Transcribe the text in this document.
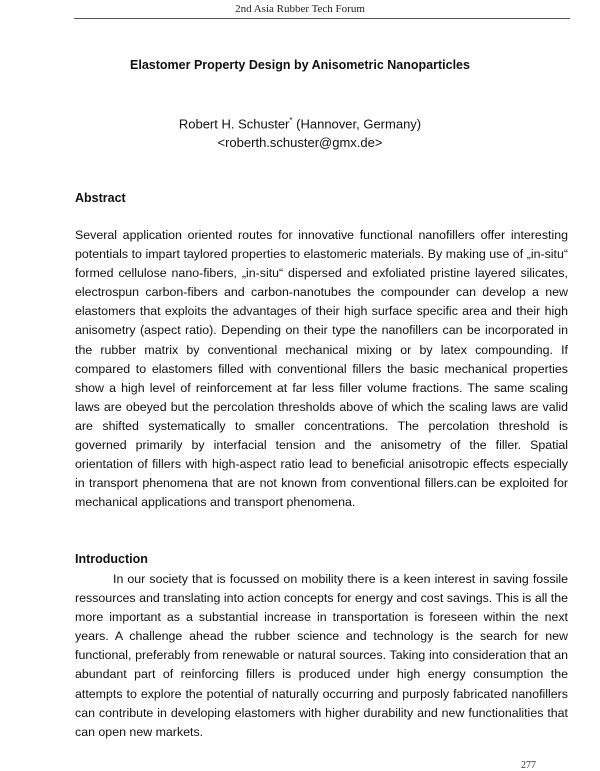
2nd Asia Rubber Tech Forum
Elastomer Property Design by Anisometric Nanoparticles
Robert H. Schuster* (Hannover, Germany)
<roberth.schuster@gmx.de>
Abstract
Several application oriented routes for innovative functional nanofillers offer interesting potentials to impart taylored properties to elastomeric materials. By making use of „in-situ“ formed cellulose nano-fibers, „in-situ“ dispersed and exfoliated pristine layered silicates, electrospun carbon-fibers and carbon-nanotubes the compounder can develop a new elastomers that exploits the advantages of their high surface specific area and their high anisometry (aspect ratio). Depending on their type the nanofillers can be incorporated in the rubber matrix by conventional mechanical mixing or by latex compounding. If compared to elastomers filled with conventional fillers the basic mechanical properties show a high level of reinforcement at far less filler volume fractions. The same scaling laws are obeyed but the percolation thresholds above of which the scaling laws are valid are shifted systematically to smaller concentrations. The percolation threshold is governed primarily by interfacial tension and the anisometry of the filler. Spatial orientation of fillers with high-aspect ratio lead to beneficial anisotropic effects especially in transport phenomena that are not known from conventional fillers.can be exploited for mechanical applications and transport phenomena.
Introduction
In our society that is focussed on mobility there is a keen interest in saving fossile ressources and translating into action concepts for energy and cost savings. This is all the more important as a substantial increase in transportation is foreseen within the next years. A challenge ahead the rubber science and technology is the search for new functional, preferably from renewable or natural sources. Taking into consideration that an abundant part of reinforcing fillers is produced under high energy consumption the attempts to explore the potential of naturally occurring and purposly fabricated nanofillers can contribute in developing elastomers with higher durability and new functionalities that can open new markets.
277
